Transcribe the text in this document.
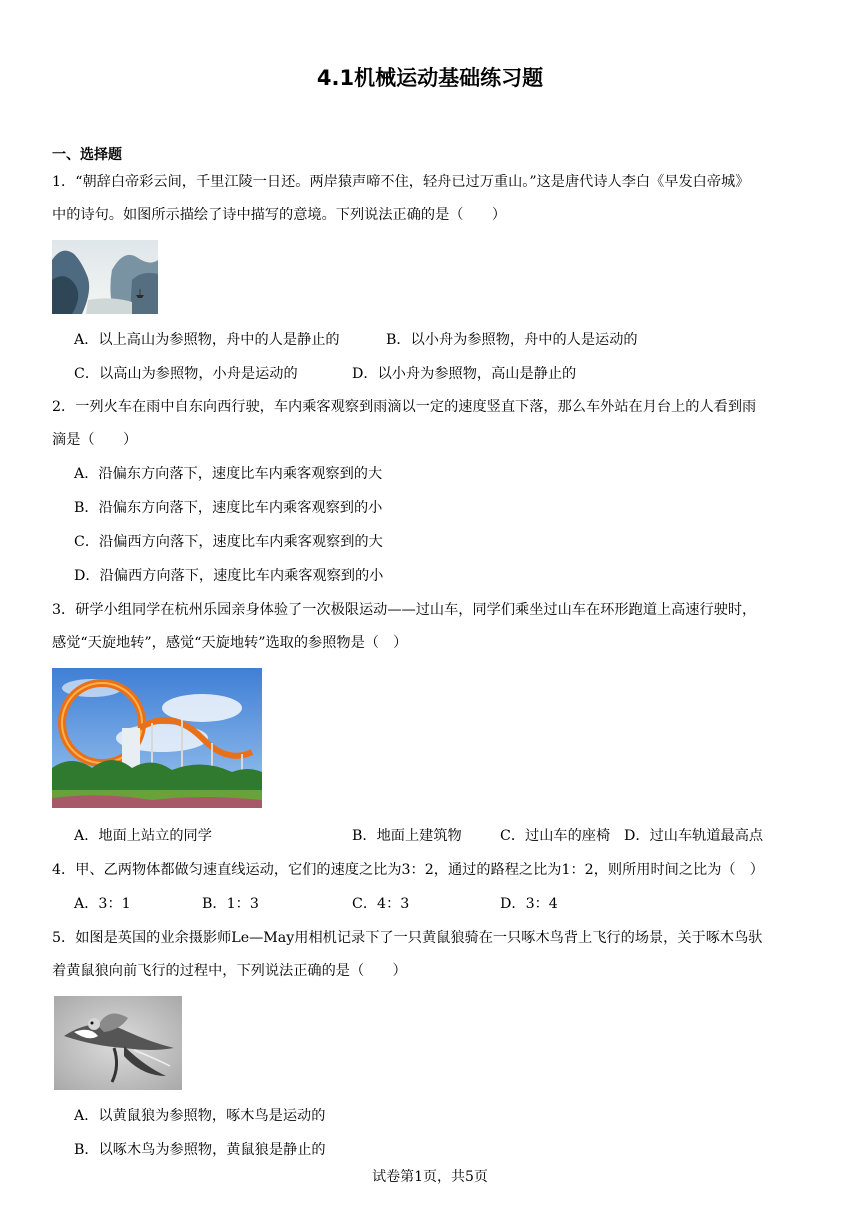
4.1机械运动基础练习题
一、选择题
1．“朝辞白帝彩云间，千里江陵一日还。两岸猿声啼不住，轻舟已过万重山。”这是唐代诗人李白《早发白帝城》
中的诗句。如图所示描绘了诗中描写的意境。下列说法正确的是（　　）
A．以上高山为参照物，舟中的人是静止的	B．以小舟为参照物，舟中的人是运动的
C．以高山为参照物，小舟是运动的	D．以小舟为参照物，高山是静止的
2．一列火车在雨中自东向西行驶，车内乘客观察到雨滴以一定的速度竖直下落，那么车外站在月台上的人看到雨
滴是（　　）
A．沿偏东方向落下，速度比车内乘客观察到的大
B．沿偏东方向落下，速度比车内乘客观察到的小
C．沿偏西方向落下，速度比车内乘客观察到的大
D．沿偏西方向落下，速度比车内乘客观察到的小
3．研学小组同学在杭州乐园亲身体验了一次极限运动——过山车，同学们乘坐过山车在环形跑道上高速行驶时，
感觉“天旋地转”，感觉“天旋地转”选取的参照物是（　）
A．地面上站立的同学	B．地面上建筑物	C．过山车的座椅 D．过山车轨道最高点
4．甲、乙两物体都做匀速直线运动，它们的速度之比为3：2，通过的路程之比为1：2，则所用时间之比为（　）
A．3：1	B．1：3	C．4：3	D．3：4
5．如图是英国的业余摄影师Le—May用相机记录下了一只黄鼠狼骑在一只啄木鸟背上飞行的场景，关于啄木鸟驮
着黄鼠狼向前飞行的过程中，下列说法正确的是（　　）
A．以黄鼠狼为参照物，啄木鸟是运动的
B．以啄木鸟为参照物，黄鼠狼是静止的
试卷第1页，共5页
